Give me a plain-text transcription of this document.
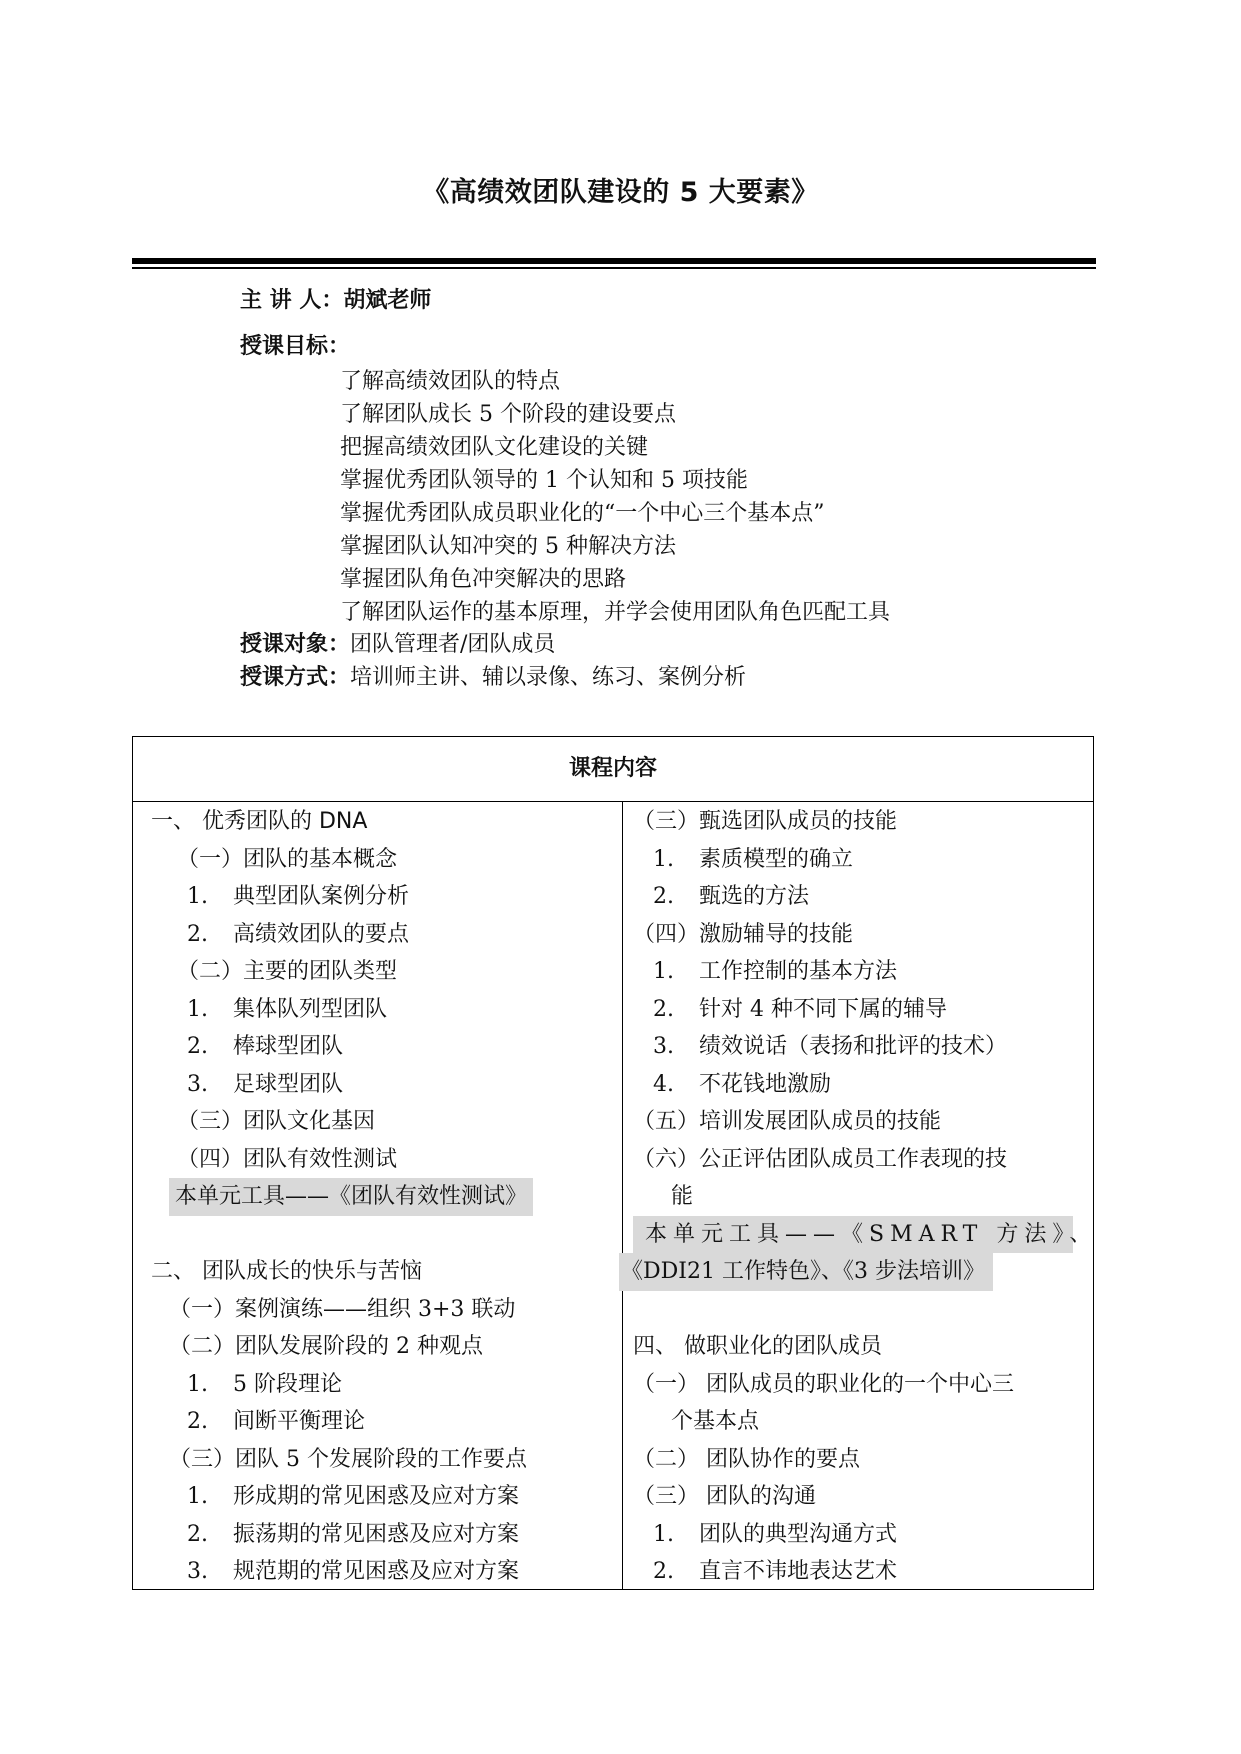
《高绩效团队建设的 5 大要素》
主 讲 人：胡斌老师
授课目标：
了解高绩效团队的特点
了解团队成长 5 个阶段的建设要点
把握高绩效团队文化建设的关键
掌握优秀团队领导的 1 个认知和 5 项技能
掌握优秀团队成员职业化的“一个中心三个基本点”
掌握团队认知冲突的 5 种解决方法
掌握团队角色冲突解决的思路
了解团队运作的基本原理，并学会使用团队角色匹配工具
授课对象：团队管理者/团队成员
授课方式：培训师主讲、辅以录像、练习、案例分析
课程内容
一、 优秀团队的 DNA
（一）团队的基本概念
1. 典型团队案例分析
2. 高绩效团队的要点
（二）主要的团队类型
1. 集体队列型团队
2. 棒球型团队
3. 足球型团队
（三）团队文化基因
（四）团队有效性测试
本单元工具——《团队有效性测试》
二、 团队成长的快乐与苦恼
（一）案例演练——组织 3+3 联动
（二）团队发展阶段的 2 种观点
1. 5 阶段理论
2. 间断平衡理论
（三）团队 5 个发展阶段的工作要点
1. 形成期的常见困惑及应对方案
2. 振荡期的常见困惑及应对方案
3. 规范期的常见困惑及应对方案
（三）甄选团队成员的技能
1. 素质模型的确立
2. 甄选的方法
（四）激励辅导的技能
1. 工作控制的基本方法
2. 针对 4 种不同下属的辅导
3. 绩效说话（表扬和批评的技术）
4. 不花钱地激励
（五）培训发展团队成员的技能
（六）公正评估团队成员工作表现的技
能
本单元工具——《SMART 方法》、
《DDI21 工作特色》、《3 步法培训》
四、 做职业化的团队成员
（一） 团队成员的职业化的一个中心三
个基本点
（二） 团队协作的要点
（三） 团队的沟通
1. 团队的典型沟通方式
2. 直言不讳地表达艺术
